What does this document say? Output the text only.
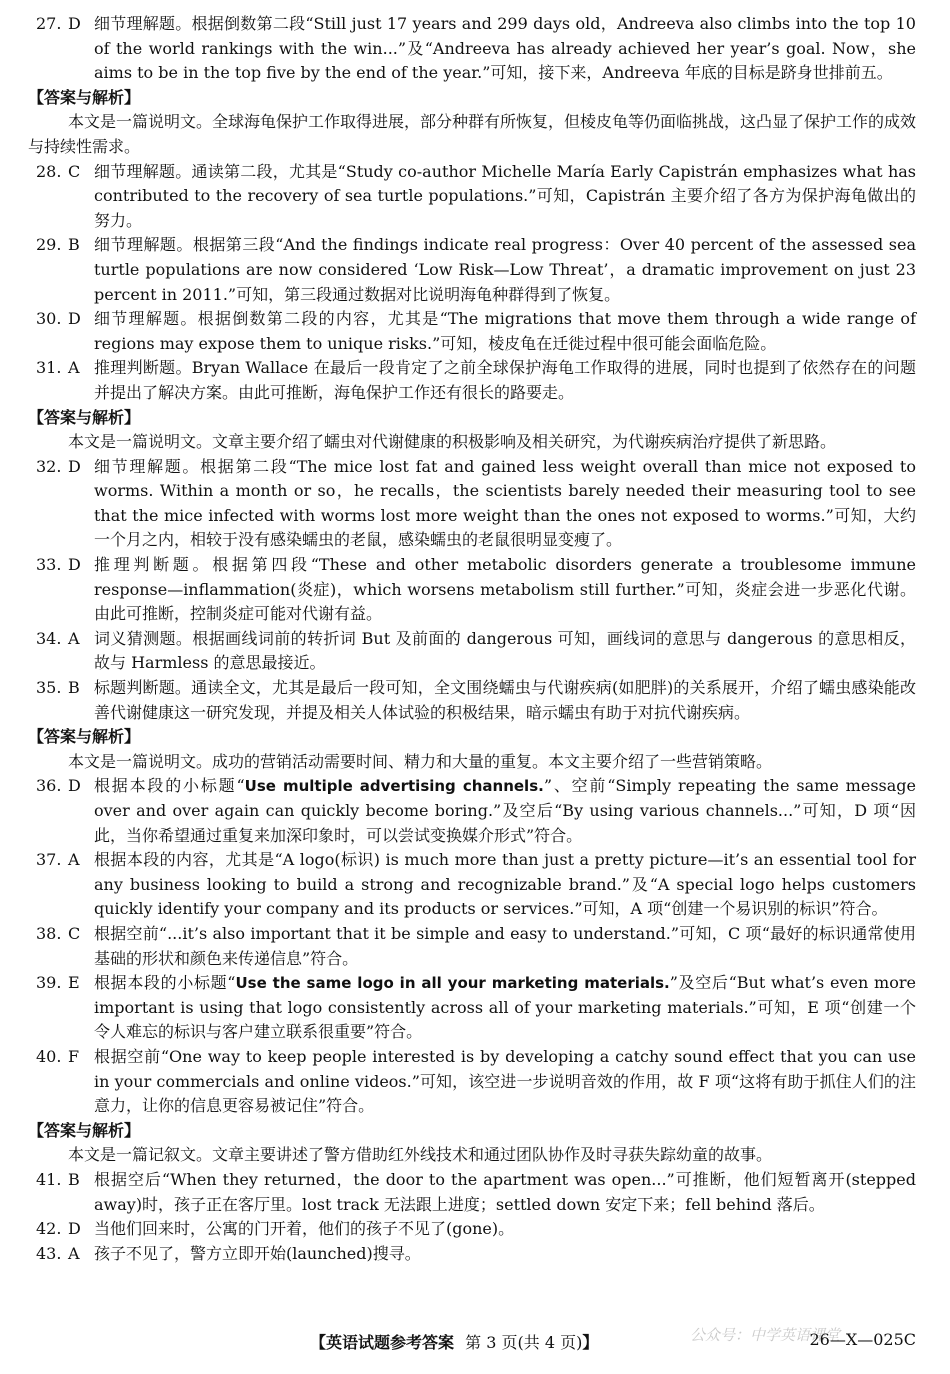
27. D 细节理解题。根据倒数第二段“Still just 17 years and 299 days old，Andreeva also climbs into the top 10 of the world rankings with the win...”及“Andreeva has already achieved her year’s goal. Now，she aims to be in the top five by the end of the year.”可知，接下来，Andreeva 年底的目标是跻身世排前五。
【答案与解析】
本文是一篇说明文。全球海龟保护工作取得进展，部分种群有所恢复，但棱皮龟等仍面临挑战，这凸显了保护工作的成效与持续性需求。
28. C 细节理解题。通读第二段，尤其是“Study co-author Michelle María Early Capistrán emphasizes what has contributed to the recovery of sea turtle populations.”可知，Capistrán 主要介绍了各方为保护海龟做出的努力。
29. B 细节理解题。根据第三段“And the findings indicate real progress：Over 40 percent of the assessed sea turtle populations are now considered ‘Low Risk—Low Threat’，a dramatic improvement on just 23 percent in 2011.”可知，第三段通过数据对比说明海龟种群得到了恢复。
30. D 细节理解题。根据倒数第二段的内容，尤其是“The migrations that move them through a wide range of regions may expose them to unique risks.”可知，棱皮龟在迁徙过程中很可能会面临危险。
31. A 推理判断题。Bryan Wallace 在最后一段肯定了之前全球保护海龟工作取得的进展，同时也提到了依然存在的问题并提出了解决方案。由此可推断，海龟保护工作还有很长的路要走。
【答案与解析】
本文是一篇说明文。文章主要介绍了蠕虫对代谢健康的积极影响及相关研究，为代谢疾病治疗提供了新思路。
32. D 细节理解题。根据第二段“The mice lost fat and gained less weight overall than mice not exposed to worms. Within a month or so，he recalls，the scientists barely needed their measuring tool to see that the mice infected with worms lost more weight than the ones not exposed to worms.”可知，大约一个月之内，相较于没有感染蠕虫的老鼠，感染蠕虫的老鼠很明显变瘦了。
33. D 推理判断题。根据第四段“These and other metabolic disorders generate a troublesome immune response—inflammation(炎症)，which worsens metabolism still further.”可知，炎症会进一步恶化代谢。由此可推断，控制炎症可能对代谢有益。
34. A 词义猜测题。根据画线词前的转折词 But 及前面的 dangerous 可知，画线词的意思与 dangerous 的意思相反，故与 Harmless 的意思最接近。
35. B 标题判断题。通读全文，尤其是最后一段可知，全文围绕蠕虫与代谢疾病(如肥胖)的关系展开，介绍了蠕虫感染能改善代谢健康这一研究发现，并提及相关人体试验的积极结果，暗示蠕虫有助于对抗代谢疾病。
【答案与解析】
本文是一篇说明文。成功的营销活动需要时间、精力和大量的重复。本文主要介绍了一些营销策略。
36. D 根据本段的小标题“Use multiple advertising channels.”、空前“Simply repeating the same message over and over again can quickly become boring.”及空后“By using various channels...”可知，D 项“因此，当你希望通过重复来加深印象时，可以尝试变换媒介形式”符合。
37. A 根据本段的内容，尤其是“A logo(标识) is much more than just a pretty picture—it’s an essential tool for any business looking to build a strong and recognizable brand.”及“A special logo helps customers quickly identify your company and its products or services.”可知，A 项“创建一个易识别的标识”符合。
38. C 根据空前“...it’s also important that it be simple and easy to understand.”可知，C 项“最好的标识通常使用基础的形状和颜色来传递信息”符合。
39. E 根据本段的小标题“Use the same logo in all your marketing materials.”及空后“But what’s even more important is using that logo consistently across all of your marketing materials.”可知，E 项“创建一个令人难忘的标识与客户建立联系很重要”符合。
40. F 根据空前“One way to keep people interested is by developing a catchy sound effect that you can use in your commercials and online videos.”可知，该空进一步说明音效的作用，故 F 项“这将有助于抓住人们的注意力，让你的信息更容易被记住”符合。
【答案与解析】
本文是一篇记叙文。文章主要讲述了警方借助红外线技术和通过团队协作及时寻获失踪幼童的故事。
41. B 根据空后“When they returned，the door to the apartment was open...”可推断，他们短暂离开(stepped away)时，孩子正在客厅里。lost track 无法跟上进度；settled down 安定下来；fell behind 落后。
42. D 当他们回来时，公寓的门开着，他们的孩子不见了(gone)。
43. A 孩子不见了，警方立即开始(launched)搜寻。
【英语试题参考答案 第 3 页(共 4 页)】	公众号：中学英语课堂
26—X—025C
